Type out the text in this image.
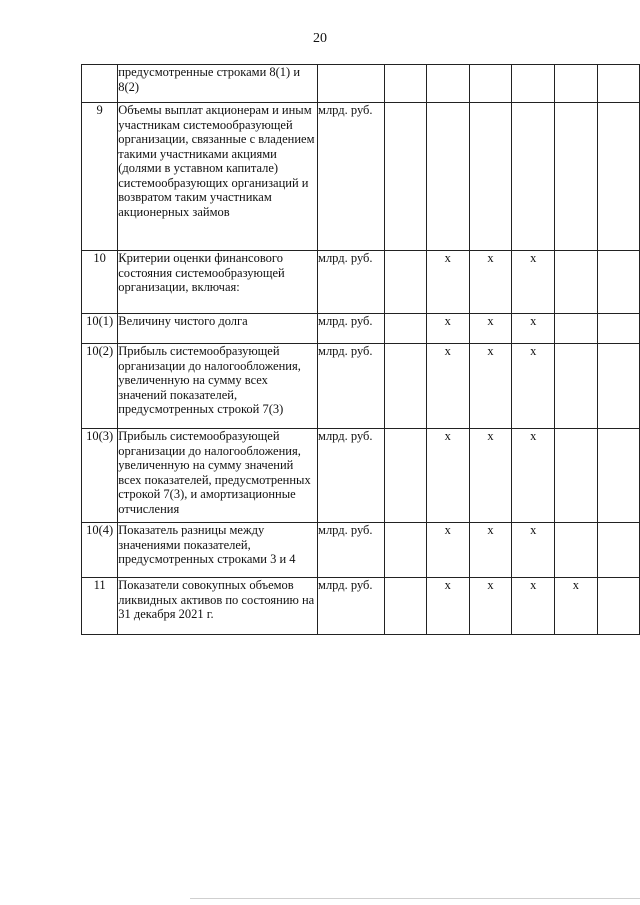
20
	предусмотренные строками 8(1) и 8(2)							
9	Объемы выплат акционерам и иным участникам системообразующей организации, связанные с владением такими участниками акциями (долями в уставном капитале) системообразующих организаций и возвратом таким участникам акционерных займов	млрд. руб.						
10	Критерии оценки финансового состояния системообразующей организации, включая:	млрд. руб.		x	x	x		
10(1)	Величину чистого долга	млрд. руб.		x	x	x		
10(2)	Прибыль системообразующей организации до налогообложения, увеличенную на сумму всех значений показателей, предусмотренных строкой 7(3)	млрд. руб.		x	x	x		
10(3)	Прибыль системообразующей организации до налогообложения, увеличенную на сумму значений всех показателей, предусмотренных строкой 7(3), и амортизационные отчисления	млрд. руб.		x	x	x		
10(4)	Показатель разницы между значениями показателей, предусмотренных строками 3 и 4	млрд. руб.		x	x	x		
11	Показатели совокупных объемов ликвидных активов по состоянию на 31 декабря 2021 г.	млрд. руб.		x	x	x	x	
